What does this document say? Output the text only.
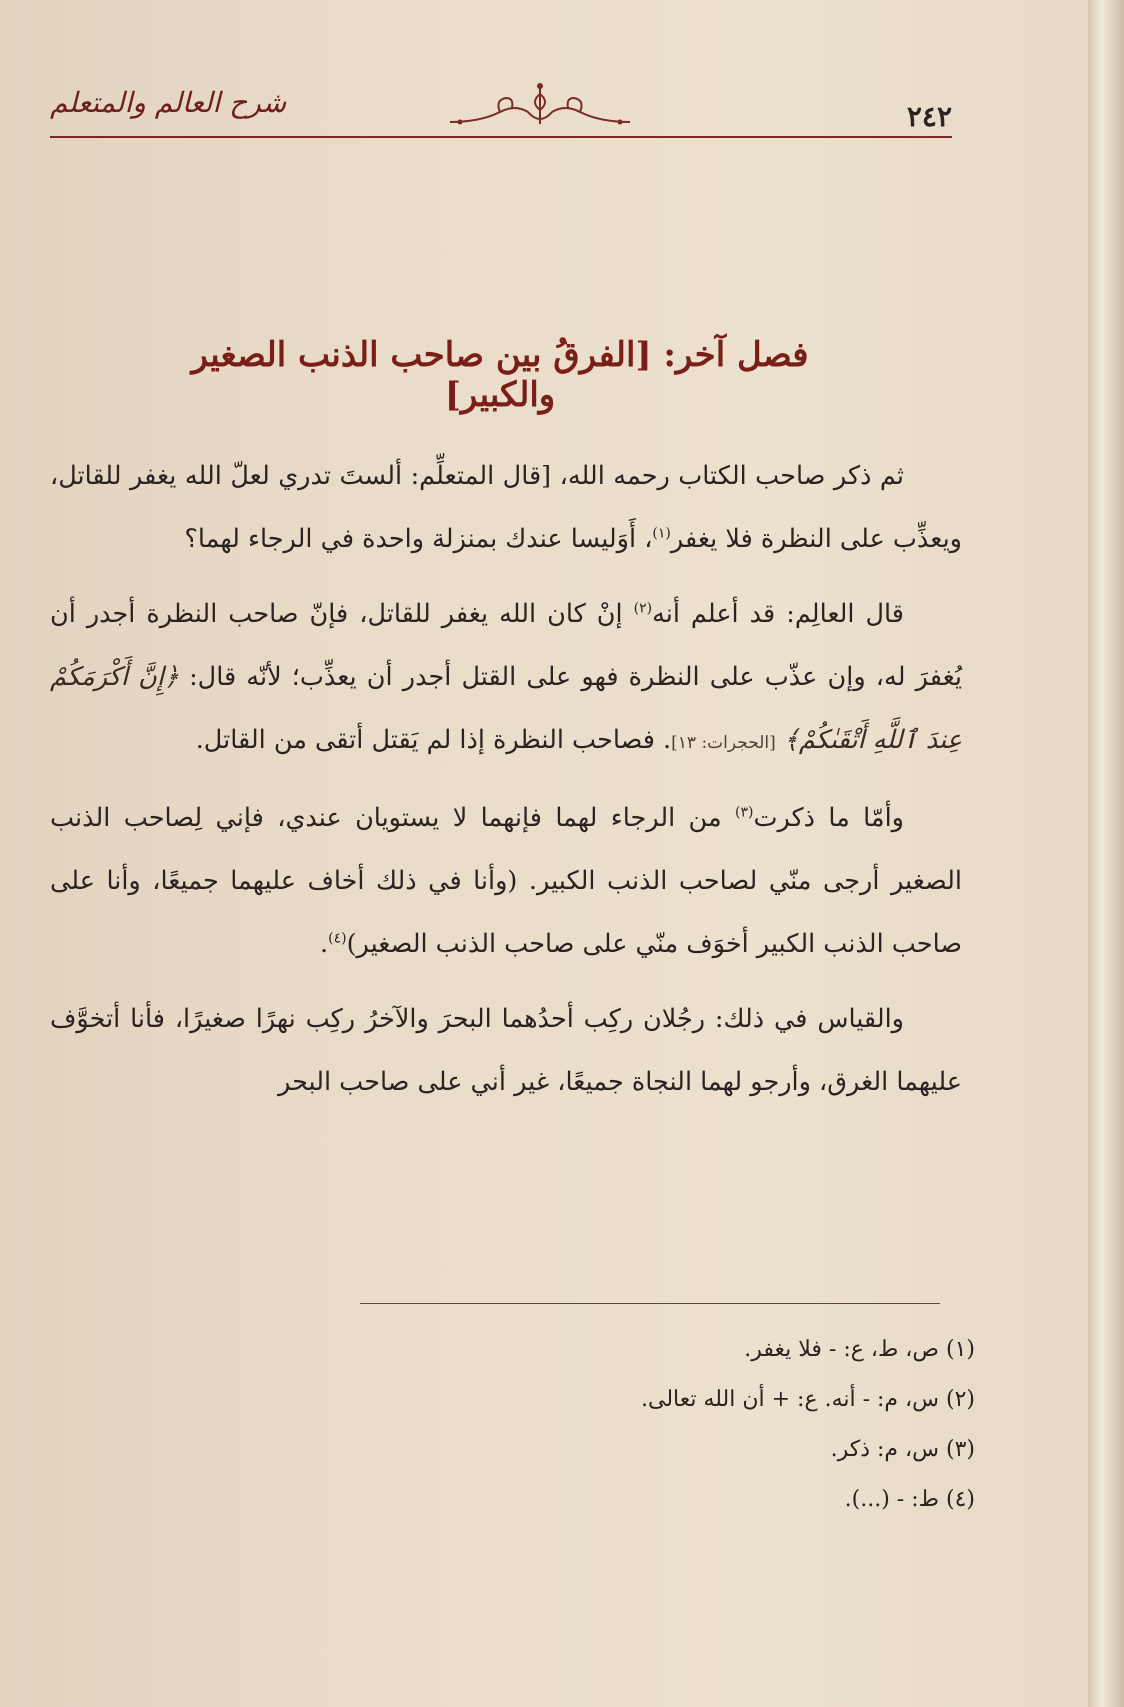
شرح العالم والمتعلم	٢٤٢
فصل آخر: [الفرقُ بين صاحب الذنب الصغير والكبير]

ثم ذكر صاحب الكتاب رحمه الله، [قال المتعلِّم: ألستَ تدري لعلّ الله يغفر للقاتل، ويعذِّب على النظرة فلا يغفر$^{(١)}$، أَوَليسا عندك بمنزلة واحدة في الرجاء لهما؟

قال العالِم: قد أعلم أنه$^{(٢)}$ إنْ كان الله يغفر للقاتل، فإنّ صاحب النظرة أجدر أن يُغفرَ له، وإن عذّب على النظرة فهو على القتل أجدر أن يعذِّب؛ لأنّه قال: ﴿إِنَّ أَكْرَمَكُمْ عِندَ ٱللَّهِ أَتْقَىٰكُمْ﴾ [الحجرات: ١٣]. فصاحب النظرة إذا لم يَقتل أتقى من القاتل.

وأمّا ما ذكرت$^{(٣)}$ من الرجاء لهما فإنهما لا يستويان عندي، فإني لِصاحب الذنب الصغير أرجى منّي لصاحب الذنب الكبير. (وأنا في ذلك أخاف عليهما جميعًا، وأنا على صاحب الذنب الكبير أخوَف منّي على صاحب الذنب الصغير)$^{(٤)}$.

والقياس في ذلك: رجُلان ركِب أحدُهما البحرَ والآخرُ ركِب نهرًا صغيرًا، فأنا أتخوَّف عليهما الغرق، وأرجو لهما النجاة جميعًا، غير أني على صاحب البحر

(١) ص، ط، ع: - فلا يغفر.
(٢) س، م: - أنه. ع: + أن الله تعالى.
(٣) س، م: ذكر.
(٤) ط: - (...).
